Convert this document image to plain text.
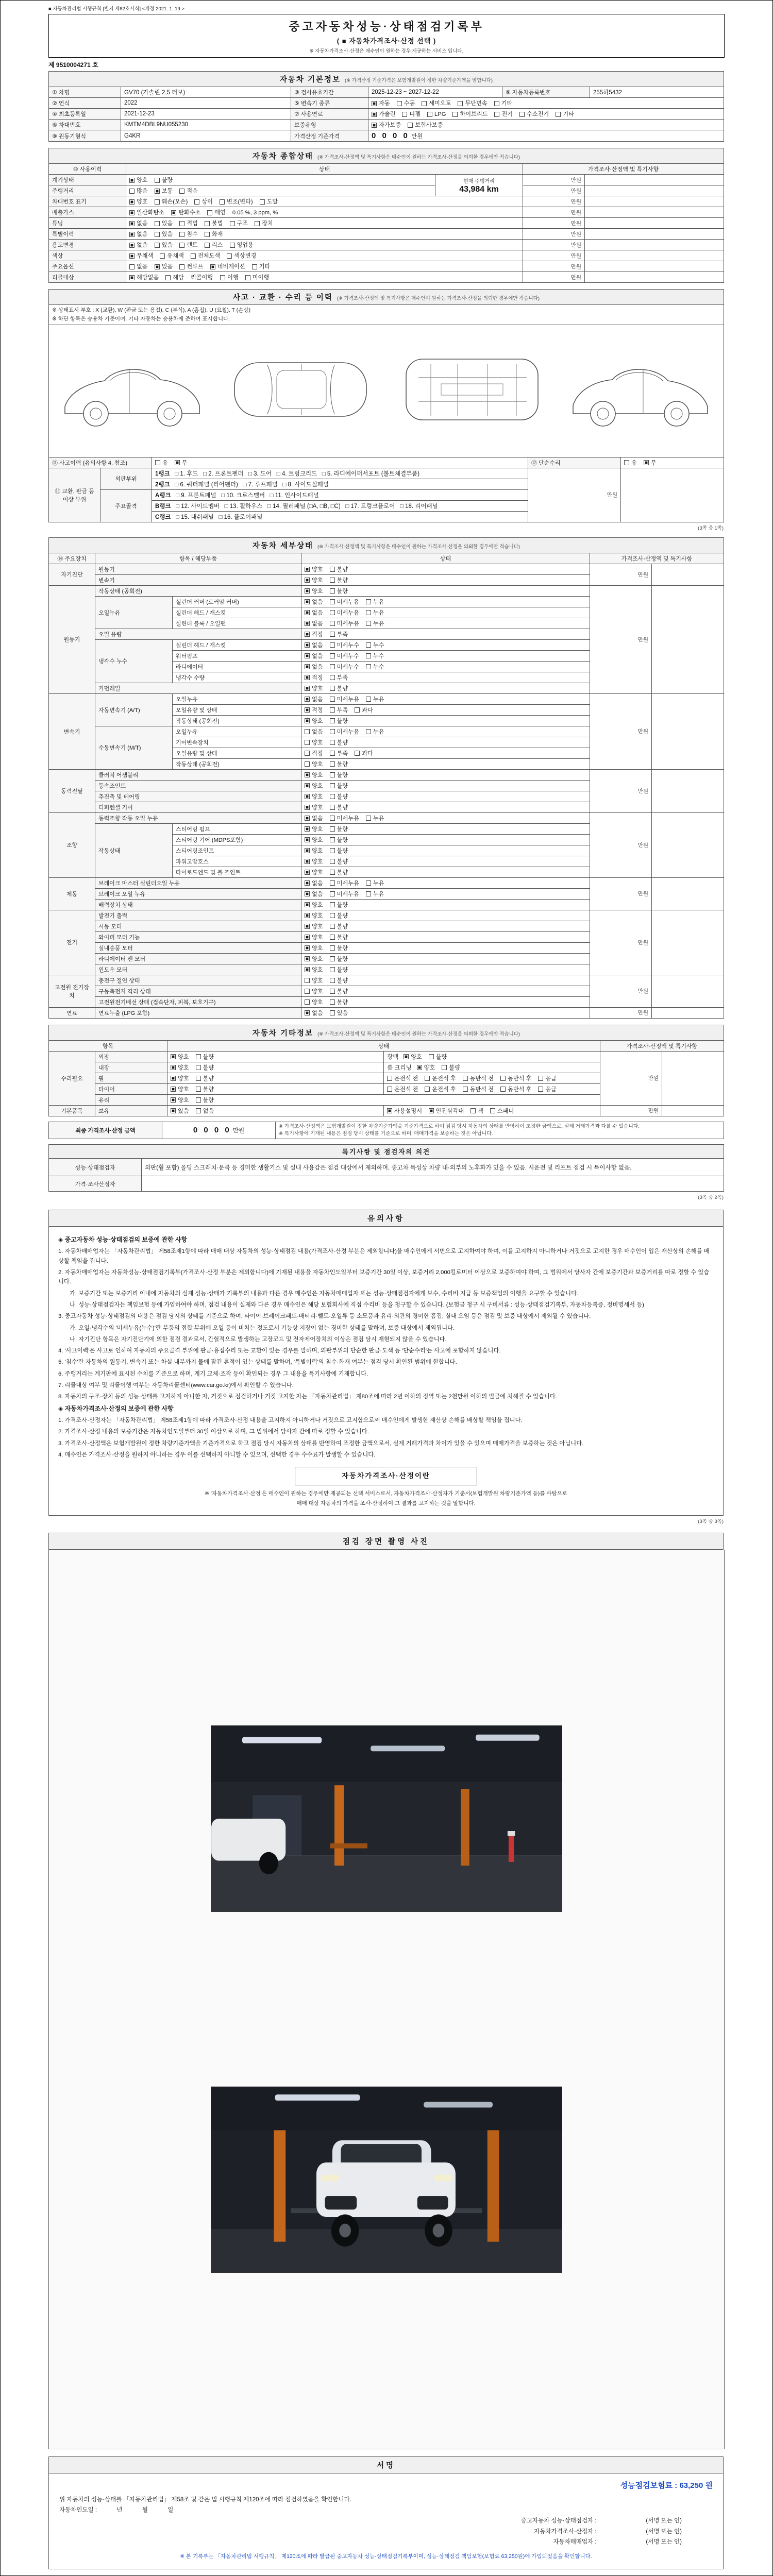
■ 자동차관리법 시행규칙 [별지 제82호서식] <개정 2021. 1. 19.>
중고자동차성능·상태점검기록부
( ■ 자동차가격조사·산정 선택 )
※ 자동차가격조사·산정은 매수인이 원하는 경우 제공하는 서비스 입니다.
제 9510004271 호
자동차 기본정보 (※ 가격산정 기준가격은 보험개발원이 정한 차량기준가액을 말합니다)					
① 차명	GV70 (가솔린 2.5 터보)	③ 검사유효기간	2025-12-23 ~ 2027-12-22	⑨ 자동차등록번호	255하5432
② 연식	2022	⑤ 변속기 종류	자동 수동 세미오토 무단변속 기타		
④ 최초등록일	2021-12-23	⑦ 사용연료	가솔린 디젤 LPG 하이브리드 전기 수소전기 기타		
⑥ 차대번호	KMTM4DBL9NU055230	보증유형	자가보증 보험사보증		
⑧ 원동기형식	G4KR	가격산정 기준가격	0 0 0 0 만원		
자동차 종합상태 (※ 가격조사·산정액 및 특기사항은 매수인이 원하는 가격조사·산정을 의뢰한 경우에만 적습니다)				
⑩ 사용이력	상태		가격조사·산정액 및 특기사항	
계기상태	양호 불량	현재 주행거리
43,984 km	만원	
주행거리	많음 보통 적음		만원	
차대번호 표기	양호 훼손(오손) 상이 변조(변타) 도말		만원	
배출가스	일산화탄소 탄화수소 매연 0.05 %, 3 ppm, %		만원	
튜닝	없음 있음 적법 불법 구조 장치		만원	
특별이력	없음 있음 침수 화재		만원	
용도변경	없음 있음 렌트 리스 영업용		만원	
색상	무채색 유채색 전체도색 색상변경		만원	
주요옵션	없음 있음 썬루프 네비게이션 기타		만원	
리콜대상	해당없음 해당 리콜이행 이행 미이행		만원	
사고 · 교환 · 수리 등 이력 (※ 가격조사·산정액 및 특기사항은 매수인이 원하는 가격조사·산정을 의뢰한 경우에만 적습니다)				

※ 상태표시 부호 : X (교환), W (판금 또는 용접), C (부식), A (흠집), U (요철), T (손상)
※ 하단 항목은 승용차 기준이며, 기타 자동차는 승용차에 준하여 표시합니다.				

⑪ 사고이력 (유의사항 4. 참조)		유 무	⑫ 단순수리	유 무
⑬ 교환, 판금 등 이상 부위	외판부위	1랭크 □ 1. 후드   □ 2. 프론트펜더   □ 3. 도어   □ 4. 트렁크리드   □ 5. 라디에이터서포트 (볼트체결부품)	만원	
		2랭크 □ 6. 쿼터패널 (리어펜더)   □ 7. 루프패널   □ 8. 사이드실패널		
	주요골격	A랭크 □ 9. 프론트패널   □ 10. 크로스멤버   □ 11. 인사이드패널		
		B랭크 □ 12. 사이드멤버   □ 13. 휠하우스   □ 14. 필러패널 (□A, □B, □C)   □ 17. 트렁크플로어   □ 18. 리어패널		
		C랭크 □ 15. 대쉬패널   □ 16. 플로어패널		
(3쪽 중 1쪽)
자동차 세부상태 (※ 가격조사·산정액 및 특기사항은 매수인이 원하는 가격조사·산정을 의뢰한 경우에만 적습니다)					
⑭ 주요장치	항목 / 해당부품		상태	가격조사·산정액 및 특기사항	
자기진단	원동기		양호 불량	만원	
	변속기		양호 불량		
원동기	작동상태 (공회전)		양호 불량	만원	
	오일누유	실린더 커버 (로커암 커버)	없음 미세누유 누유		
		실린더 헤드 / 개스킷	없음 미세누유 누유		
		실린더 블록 / 오일팬	없음 미세누유 누유		
	오일 유량		적정 부족		
	냉각수 누수	실린더 헤드 / 개스킷	없음 미세누수 누수		
		워터펌프	없음 미세누수 누수		
		라디에이터	없음 미세누수 누수		
		냉각수 수량	적정 부족		
	커먼레일		양호 불량		
변속기	자동변속기 (A/T)	오일누유	없음 미세누유 누유	만원	
		오일유량 및 상태	적정 부족 과다		
		작동상태 (공회전)	양호 불량		
	수동변속기 (M/T)	오일누유	없음 미세누유 누유		
		기어변속장치	양호 불량		
		오일유량 및 상태	적정 부족 과다		
		작동상태 (공회전)	양호 불량		
동력전달	클러치 어셈블리		양호 불량	만원	
	등속조인트		양호 불량		
	추진축 및 베어링		양호 불량		
	디퍼렌셜 기어		양호 불량		
조향	동력조향 작동 오일 누유		없음 미세누유 누유	만원	
	작동상태	스티어링 펌프	양호 불량		
		스티어링 기어 (MDPS포함)	양호 불량		
		스티어링조인트	양호 불량		
		파워고압호스	양호 불량		
		타이로드엔드 및 볼 조인트	양호 불량		
제동	브레이크 마스터 실린더오일 누유		없음 미세누유 누유	만원	
	브레이크 오일 누유		없음 미세누유 누유		
	배력장치 상태		양호 불량		
전기	발전기 출력		양호 불량	만원	
	시동 모터		양호 불량		
	와이퍼 모터 기능		양호 불량		
	실내송풍 모터		양호 불량		
	라디에이터 팬 모터		양호 불량		
	윈도우 모터		양호 불량		
고전원 전기장치	충전구 절연 상태		양호 불량	만원	
	구동축전지 격리 상태		양호 불량		
	고전원전기배선 상태 (접속단자, 피복, 보호기구)		양호 불량		
연료	연료누출 (LPG 포함)		없음 있음	만원	
자동차 기타정보 (※ 가격조사·산정액 및 특기사항은 매수인이 원하는 가격조사·산정을 의뢰한 경우에만 적습니다)					
항목		상태		가격조사·산정액 및 특기사항	
수리필요	외장	양호 불량	광택 양호 불량	만원	
	내장	양호 불량	룸 크리닝 양호 불량		
	휠	양호 불량	운전석 전 운전석 후 동반석 전 동반석 후 응급		
	타이어	양호 불량	운전석 전 운전석 후 동반석 전 동반석 후 응급		
	유리	양호 불량			
기본품목	보유	있음 없음	사용설명서 안전삼각대 잭 스패너	만원	
최종 가격조사·산정 금액	0 0 0 0 만원	
※ 가격조사·산정액은 보험개발원이 정한 차량기준가액을 기준가격으로 하여 점검 당시 자동차의 상태를 반영하여 조정한 금액으로, 실제 거래가격과 다를 수 있습니다.
※ 특기사항에 기재된 내용은 점검 당시 상태를 기준으로 하며, 매매가격을 보증하는 것은 아닙니다.
특기사항 및 점검자의 의견	
성능·상태점검자	외판(휠 포함) 몰딩 스크래치·문콕 등 경미한 생활기스 및 실내 사용감은 점검 대상에서 제외하며, 중고차 특성상 차량 내·외부의 노후화가 있을 수 있음. 시운전 및 리프트 점검 시 특이사항 없음.
가격·조사산정자	
(3쪽 중 2쪽)
유의사항

◈ 중고자동차 성능·상태점검의 보증에 관한 사항

1. 자동차매매업자는 「자동차관리법」 제58조제1항에 따라 매매 대상 자동차의 성능·상태점검 내용(가격조사·산정 부분은 제외합니다)을 매수인에게 서면으로 고지하여야 하며, 이를 고지하지 아니하거나 거짓으로 고지한 경우 매수인이 입은 재산상의 손해를 배상할 책임을 집니다.

2. 자동차매매업자는 자동차성능·상태점검기록부(가격조사·산정 부분은 제외합니다)에 기재된 내용을 자동차인도일부터 보증기간 30일 이상, 보증거리 2,000킬로미터 이상으로 보증하여야 하며, 그 범위에서 당사자 간에 보증기간과 보증거리를 따로 정할 수 있습니다.

가. 보증기간 또는 보증거리 이내에 자동차의 실제 성능·상태가 기록부의 내용과 다른 경우 매수인은 자동차매매업자 또는 성능·상태점검자에게 보수, 수리비 지급 등 보증책임의 이행을 요구할 수 있습니다.

나. 성능·상태점검자는 책임보험 등에 가입하여야 하며, 점검 내용이 실제와 다른 경우 매수인은 해당 보험회사에 직접 수리비 등을 청구할 수 있습니다. (보험금 청구 시 구비서류 : 성능·상태점검기록부, 자동차등록증, 정비명세서 등)

3. 중고자동차 성능·상태점검의 내용은 점검 당시의 상태를 기준으로 하며, 타이어·브레이크패드·배터리·벨트·오일류 등 소모품과 유리·외관의 경미한 흠집, 실내 오염 등은 점검 및 보증 대상에서 제외될 수 있습니다.

가. 오일·냉각수의 '미세누유(누수)'란 부품의 접합 부위에 오일 등이 비치는 정도로서 기능상 지장이 없는 경미한 상태를 말하며, 보증 대상에서 제외됩니다.

나. 자기진단 항목은 자기진단기에 의한 점검 결과로서, 간헐적으로 발생하는 고장코드 및 전자제어장치의 이상은 점검 당시 재현되지 않을 수 있습니다.

4. '사고이력'은 사고로 인하여 자동차의 주요골격 부위에 판금·용접수리 또는 교환이 있는 경우를 말하며, 외판부위의 단순한 판금·도색 등 '단순수리'는 사고에 포함하지 않습니다.

5. '침수'란 자동차의 원동기, 변속기 또는 차실 내부까지 물에 잠긴 흔적이 있는 상태를 말하며, '특별이력'의 침수·화재 여부는 점검 당시 확인된 범위에 한합니다.

6. 주행거리는 계기판에 표시된 수치를 기준으로 하며, 계기 교체·조작 등이 확인되는 경우 그 내용을 특기사항에 기재합니다.

7. 리콜대상 여부 및 리콜이행 여부는 자동차리콜센터(www.car.go.kr)에서 확인할 수 있습니다.

8. 자동차의 구조·장치 등의 성능·상태를 고지하지 아니한 자, 거짓으로 점검하거나 거짓 고지한 자는 「자동차관리법」 제80조에 따라 2년 이하의 징역 또는 2천만원 이하의 벌금에 처해질 수 있습니다.

◈ 자동차가격조사·산정의 보증에 관한 사항

1. 가격조사·산정자는 「자동차관리법」 제58조제1항에 따라 가격조사·산정 내용을 고지하지 아니하거나 거짓으로 고지함으로써 매수인에게 발생한 재산상 손해를 배상할 책임을 집니다.

2. 가격조사·산정 내용의 보증기간은 자동차인도일부터 30일 이상으로 하며, 그 범위에서 당사자 간에 따로 정할 수 있습니다.

3. 가격조사·산정액은 보험개발원이 정한 차량기준가액을 기준가격으로 하고 점검 당시 자동차의 상태를 반영하여 조정한 금액으로서, 실제 거래가격과 차이가 있을 수 있으며 매매가격을 보증하는 것은 아닙니다.

4. 매수인은 가격조사·산정을 원하지 아니하는 경우 이를 선택하지 아니할 수 있으며, 선택한 경우 수수료가 발생할 수 있습니다.

자동차가격조사·산정이란
※ '자동차가격조사·산정'은 매수인이 원하는 경우에만 제공되는 선택 서비스로서, 자동차가격조사·산정자가 기준서(보험개발원 차량기준가액 등)를 바탕으로
매매 대상 자동차의 가격을 조사·산정하여 그 결과를 고지하는 것을 말합니다.
(3쪽 중 3쪽)
점검 장면 촬영 사진
서명
성능점검보험료 : 63,250 원
위 자동차의 성능·상태를 「자동차관리법」 제58조 및 같은 법 시행규칙 제120조에 따라 점검하였음을 확인합니다.
자동차인도일 :            년            월            일
중고자동차 성능·상태점검자 :                              (서명 또는 인)
자동차가격조사·산정자 :                              (서명 또는 인)
자동차매매업자 :                              (서명 또는 인)
※ 본 기록부는 「자동차관리법 시행규칙」 제120조에 따라 발급된 중고자동차 성능·상태점검기록부이며, 성능·상태점검 책임보험(보험료 63,250원)에 가입되었음을 확인합니다.
